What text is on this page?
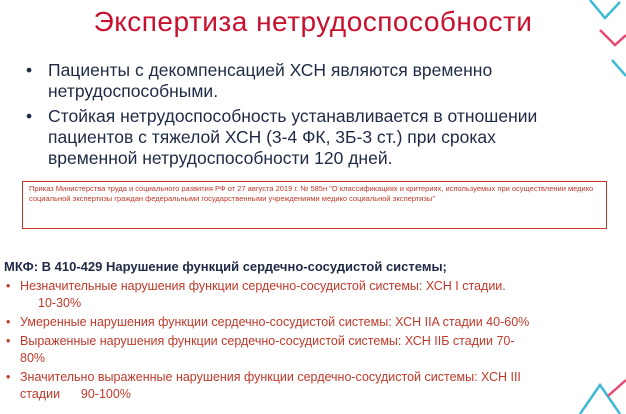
Экспертиза нетрудоспособности
• Пациенты с декомпенсацией ХСН являются временно нетрудоспособными.
• Стойкая нетрудоспособность устанавливается в отношении пациентов с тяжелой ХСН (3-4 ФК, 3Б-3 ст.) при сроках временной нетрудоспособности 120 дней.
Приказ Министерства труда и социального развития РФ от 27 августа 2019 г. № 585н "О классификациях и критериях, используемых при осуществлении медико социальной экспертизы граждан федеральными государственными учреждениями медико социальной экспертизы"
МКФ: В 410-429 Нарушение функций сердечно-сосудистой системы;
• Незначительные нарушения функции сердечно-сосудистой системы: ХСН I стадии.
10-30%
• Умеренные нарушения функции сердечно-сосудистой системы: ХСН IIA стадии 40-60%
• Выраженные нарушения функции сердечно-сосудистой системы: ХСН IIБ стадии 70-
80%
• Значительно выраженные нарушения функции сердечно-сосудистой системы: ХСН III
стадии      90-100%
